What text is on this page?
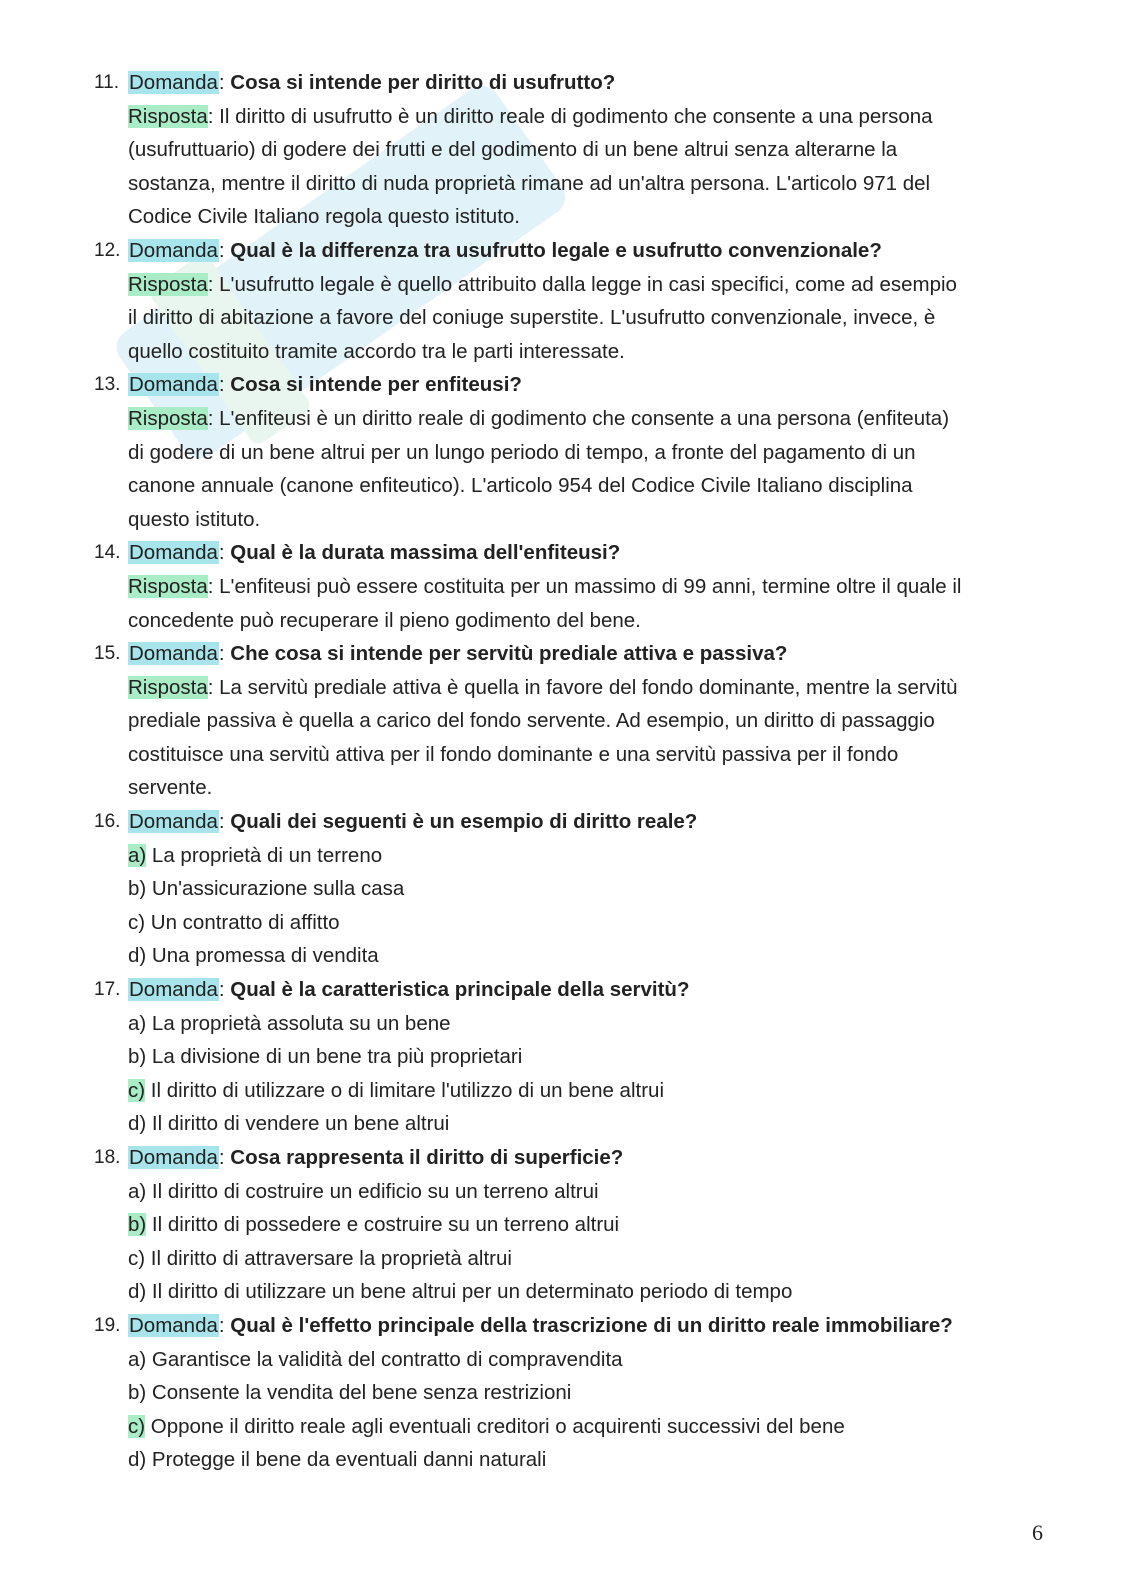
11. Domanda: Cosa si intende per diritto di usufrutto?
Risposta: Il diritto di usufrutto è un diritto reale di godimento che consente a una persona
(usufruttuario) di godere dei frutti e del godimento di un bene altrui senza alterarne la
sostanza, mentre il diritto di nuda proprietà rimane ad un'altra persona. L'articolo 971 del
Codice Civile Italiano regola questo istituto.
12. Domanda: Qual è la differenza tra usufrutto legale e usufrutto convenzionale?
Risposta: L'usufrutto legale è quello attribuito dalla legge in casi specifici, come ad esempio
il diritto di abitazione a favore del coniuge superstite. L'usufrutto convenzionale, invece, è
quello costituito tramite accordo tra le parti interessate.
13. Domanda: Cosa si intende per enfiteusi?
Risposta: L'enfiteusi è un diritto reale di godimento che consente a una persona (enfiteuta)
di godere di un bene altrui per un lungo periodo di tempo, a fronte del pagamento di un
canone annuale (canone enfiteutico). L'articolo 954 del Codice Civile Italiano disciplina
questo istituto.
14. Domanda: Qual è la durata massima dell'enfiteusi?
Risposta: L'enfiteusi può essere costituita per un massimo di 99 anni, termine oltre il quale il
concedente può recuperare il pieno godimento del bene.
15. Domanda: Che cosa si intende per servitù prediale attiva e passiva?
Risposta: La servitù prediale attiva è quella in favore del fondo dominante, mentre la servitù
prediale passiva è quella a carico del fondo servente. Ad esempio, un diritto di passaggio
costituisce una servitù attiva per il fondo dominante e una servitù passiva per il fondo
servente.
16. Domanda: Quali dei seguenti è un esempio di diritto reale?
a) La proprietà di un terreno
b) Un'assicurazione sulla casa
c) Un contratto di affitto
d) Una promessa di vendita
17. Domanda: Qual è la caratteristica principale della servitù?
a) La proprietà assoluta su un bene
b) La divisione di un bene tra più proprietari
c) Il diritto di utilizzare o di limitare l'utilizzo di un bene altrui
d) Il diritto di vendere un bene altrui
18. Domanda: Cosa rappresenta il diritto di superficie?
a) Il diritto di costruire un edificio su un terreno altrui
b) Il diritto di possedere e costruire su un terreno altrui
c) Il diritto di attraversare la proprietà altrui
d) Il diritto di utilizzare un bene altrui per un determinato periodo di tempo
19. Domanda: Qual è l'effetto principale della trascrizione di un diritto reale immobiliare?
a) Garantisce la validità del contratto di compravendita
b) Consente la vendita del bene senza restrizioni
c) Oppone il diritto reale agli eventuali creditori o acquirenti successivi del bene
d) Protegge il bene da eventuali danni naturali
6
